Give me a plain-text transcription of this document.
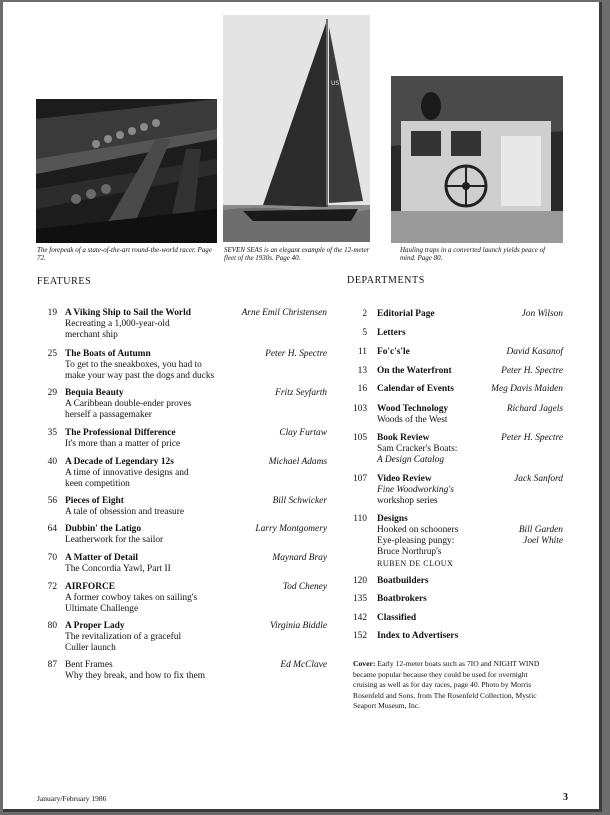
US 9
The forepeak of a state-of-the-art round-the-world racer. Page 72.
SEVEN SEAS is an elegant example of the 12-meter fleet of the 1930s. Page 40.
Hauling traps in a converted launch yields peace of mind. Page 80.
FEATURES	DEPARTMENTS
19 A Viking Ship to Sail the World
Recreating a 1,000-year-old
merchant ship
Arne Emil Christensen
25 The Boats of Autumn
To get to the sneakboxes, you had to
make your way past the dogs and ducks
Peter H. Spectre
29 Bequia Beauty
A Caribbean double-ender proves
herself a passagemaker
Fritz Seyfarth
35 The Professional Difference
It's more than a matter of price
Clay Furtaw
40 A Decade of Legendary 12s
A time of innovative designs and
keen competition
Michael Adams
56 Pieces of Eight
A tale of obsession and treasure
Bill Schwicker
64 Dubbin' the Latigo
Leatherwork for the sailor
Larry Montgomery
70 A Matter of Detail
The Concordia Yawl, Part II
Maynard Bray
72 AIRFORCE
A former cowboy takes on sailing's
Ultimate Challenge
Tod Cheney
80 A Proper Lady
The revitalization of a graceful
Culler launch
Virginia Biddle
87 Bent Frames
Why they break, and how to fix them
Ed McClave
2 Editorial Page	Jon Wilson
5 Letters
11 Fo'c's'le	David Kasanof
13 On the Waterfront	Peter H. Spectre
16 Calendar of Events	Meg Davis Maiden
103 Wood Technology
Woods of the West
Richard Jagels
105 Book Review
Sam Cracker's Boats:
A Design Catalog
Peter H. Spectre
107 Video Review
Fine Woodworking's
workshop series
Jack Sanford
110 Designs
Hooked on schooners
Eye-pleasing pungy:
Bruce Northrup's
RUBEN DE CLOUX
Bill Garden
Joel White
120 Boatbuilders
135 Boatbrokers
142 Classified
152 Index to Advertisers
Cover: Early 12-meter boats such as 7IO and NIGHT WIND became popular because they could be used for overnight cruising as well as for day races, page 40. Photo by Morris Rosenfeld and Sons, from The Rosenfeld Collection, Mystic Seaport Museum, Inc.
January/February 1986	3
